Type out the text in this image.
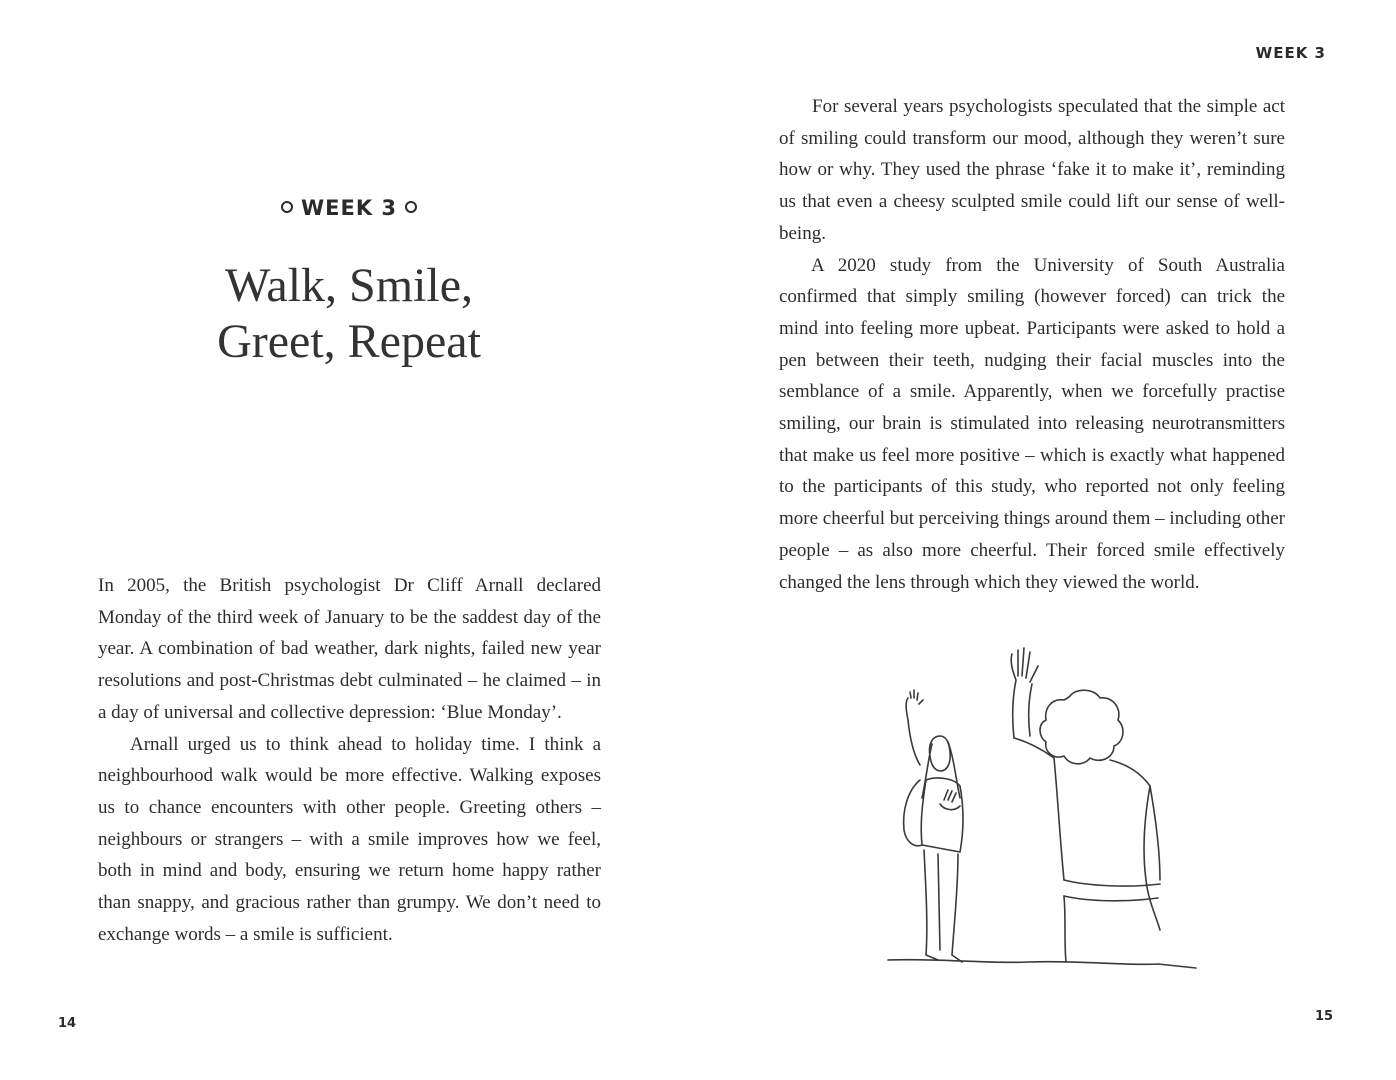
WEEK 3
Walk, Smile,
Greet, Repeat

In 2005, the British psychologist Dr Cliff Arnall declared Monday of the third week of January to be the saddest day of the year. A combination of bad weather, dark nights, failed new year resolutions and post-Christmas debt culminated – he claimed – in a day of universal and collective depression: ‘Blue Monday’.

Arnall urged us to think ahead to holiday time. I think a neighbourhood walk would be more effective. Walking exposes us to chance encounters with other people. Greeting others – neighbours or strangers – with a smile improves how we feel, both in mind and body, ensuring we return home happy rather than snappy, and gracious rather than grumpy. We don’t need to exchange words – a smile is sufficient.

14
WEEK 3

For several years psychologists speculated that the simple act of smiling could transform our mood, although they weren’t sure how or why. They used the phrase ‘fake it to make it’, reminding us that even a cheesy sculpted smile could lift our sense of well-being.

A 2020 study from the University of South Australia confirmed that simply smiling (however forced) can trick the mind into feeling more upbeat. Participants were asked to hold a pen between their teeth, nudging their facial muscles into the semblance of a smile. Apparently, when we forcefully practise smiling, our brain is stimulated into releasing neurotransmitters that make us feel more positive – which is exactly what happened to the participants of this study, who reported not only feeling more cheerful but perceiving things around them – including other people – as also more cheerful. Their forced smile effectively changed the lens through which they viewed the world.

15
